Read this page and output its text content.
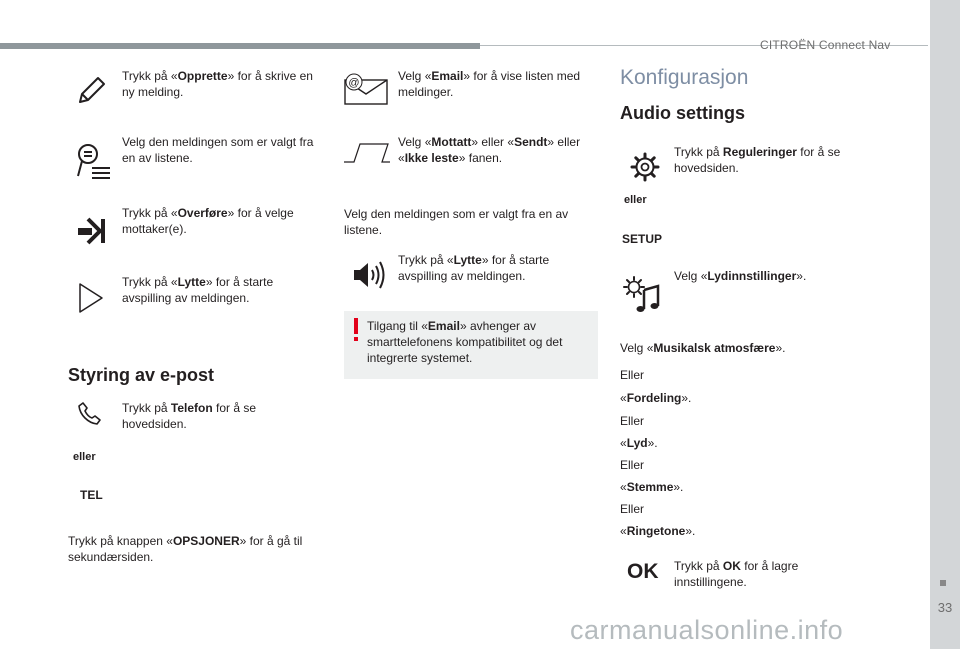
CITROËN Connect Nav
33
carmanualsonline.info
Trykk på «Opprette» for å skrive en ny melding.
Velg den meldingen som er valgt fra en av listene.
Trykk på «Overføre» for å velge mottaker(e).
Trykk på «Lytte» for å starte avspilling av meldingen.
Styring av e-post
Trykk på Telefon for å se hovedsiden.
eller
TEL
Trykk på knappen «OPSJONER» for å gå til sekundærsiden.
@	Velg «Email» for å vise listen med meldinger.
Velg «Mottatt» eller «Sendt» eller «Ikke leste» fanen.
Velg den meldingen som er valgt fra en av listene.
Trykk på «Lytte» for å starte avspilling av meldingen.
Tilgang til «Email» avhenger av smarttelefonens kompatibilitet og det integrerte systemet.
Konfigurasjon
Audio settings
Trykk på Reguleringer for å se hovedsiden.
eller
SETUP
Velg «Lydinnstillinger».
Velg «Musikalsk atmosfære».
Eller
«Fordeling».
Eller
«Lyd».
Eller
«Stemme».
Eller
«Ringetone».
OK Trykk på OK for å lagre innstillingene.
